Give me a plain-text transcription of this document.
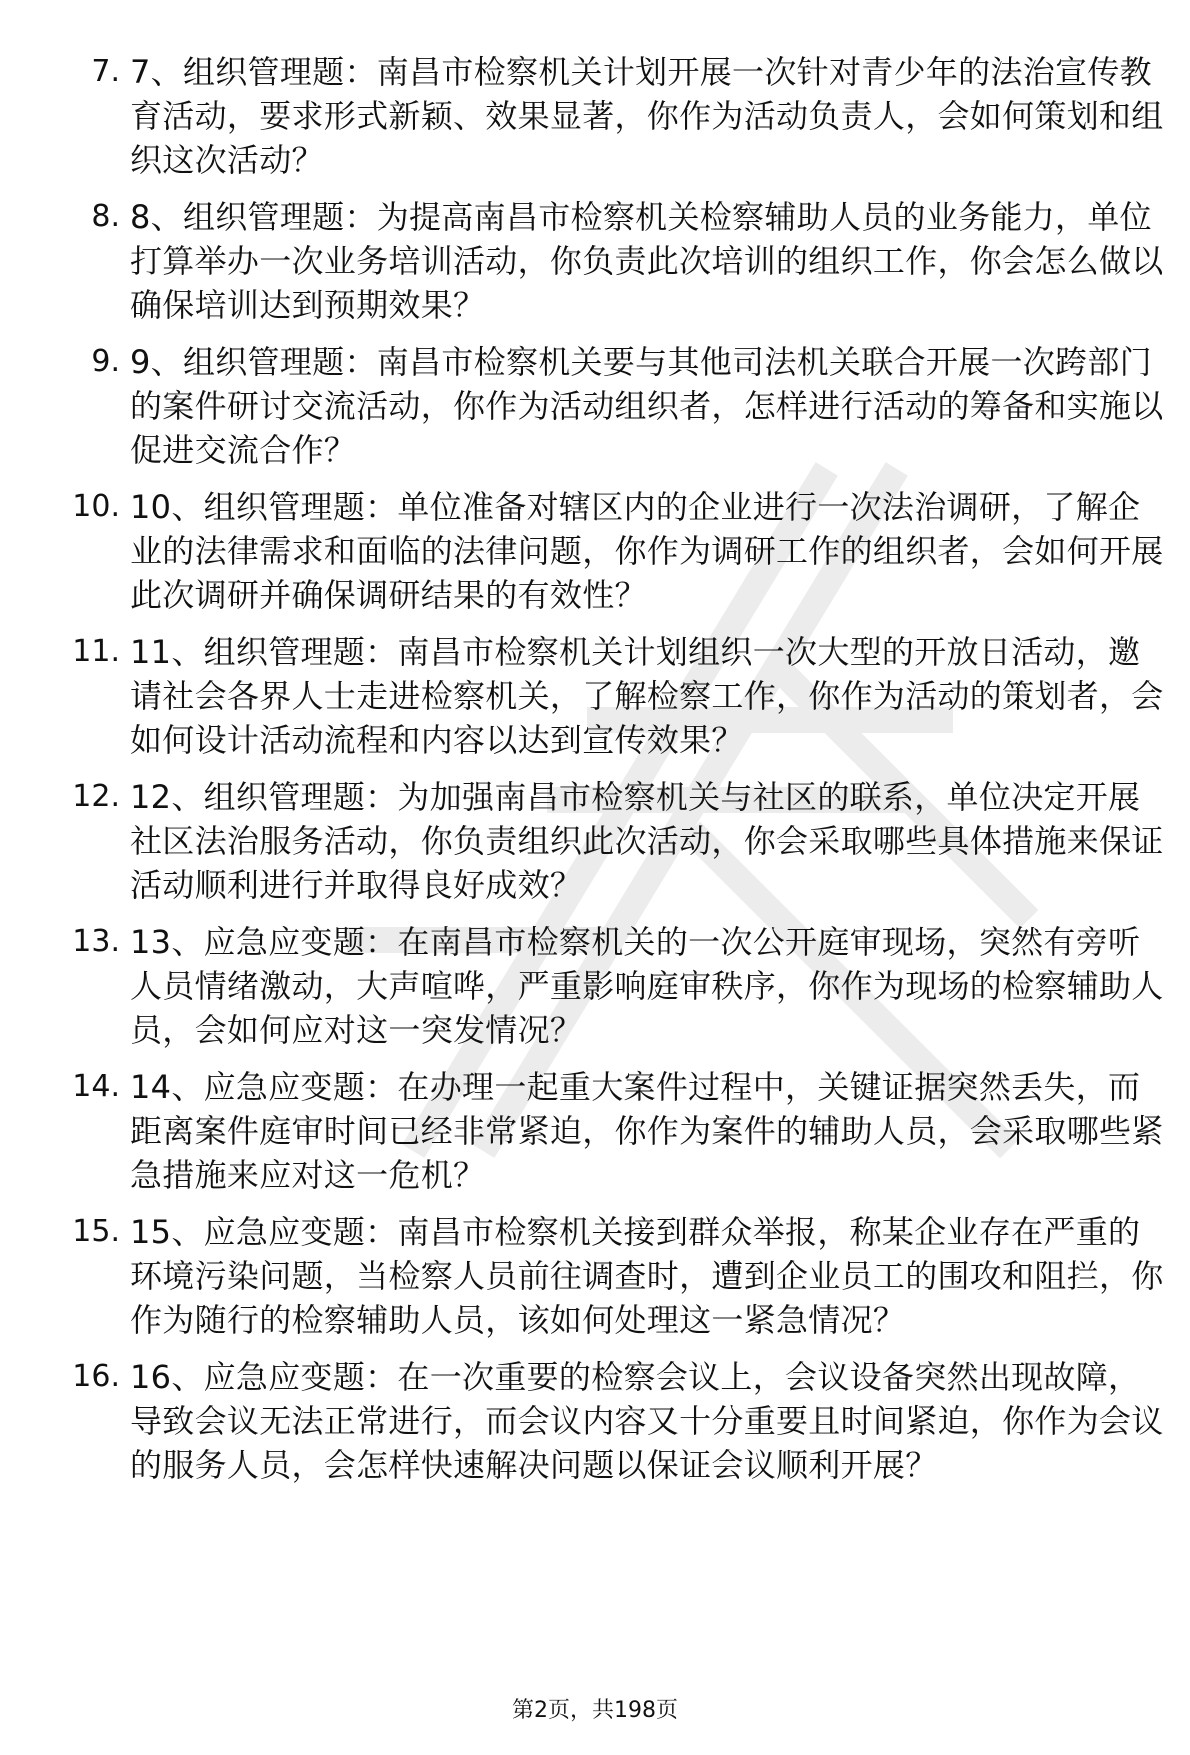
7. 7、组织管理题：南昌市检察机关计划开展一次针对青少年的法治宣传教育活动，要求形式新颖、效果显著，你作为活动负责人，会如何策划和组织这次活动？
8. 8、组织管理题：为提高南昌市检察机关检察辅助人员的业务能力，单位打算举办一次业务培训活动，你负责此次培训的组织工作，你会怎么做以确保培训达到预期效果？
9. 9、组织管理题：南昌市检察机关要与其他司法机关联合开展一次跨部门的案件研讨交流活动，你作为活动组织者，怎样进行活动的筹备和实施以促进交流合作？
10. 10、组织管理题：单位准备对辖区内的企业进行一次法治调研，了解企业的法律需求和面临的法律问题，你作为调研工作的组织者，会如何开展此次调研并确保调研结果的有效性？
11. 11、组织管理题：南昌市检察机关计划组织一次大型的开放日活动，邀请社会各界人士走进检察机关，了解检察工作，你作为活动的策划者，会如何设计活动流程和内容以达到宣传效果？
12. 12、组织管理题：为加强南昌市检察机关与社区的联系，单位决定开展社区法治服务活动，你负责组织此次活动，你会采取哪些具体措施来保证活动顺利进行并取得良好成效？
13. 13、应急应变题：在南昌市检察机关的一次公开庭审现场，突然有旁听人员情绪激动，大声喧哗，严重影响庭审秩序，你作为现场的检察辅助人员，会如何应对这一突发情况？
14. 14、应急应变题：在办理一起重大案件过程中，关键证据突然丢失，而距离案件庭审时间已经非常紧迫，你作为案件的辅助人员，会采取哪些紧急措施来应对这一危机？
15. 15、应急应变题：南昌市检察机关接到群众举报，称某企业存在严重的环境污染问题，当检察人员前往调查时，遭到企业员工的围攻和阻拦，你作为随行的检察辅助人员，该如何处理这一紧急情况？
16. 16、应急应变题：在一次重要的检察会议上，会议设备突然出现故障，导致会议无法正常进行，而会议内容又十分重要且时间紧迫，你作为会议的服务人员，会怎样快速解决问题以保证会议顺利开展？
第2页，共198页
